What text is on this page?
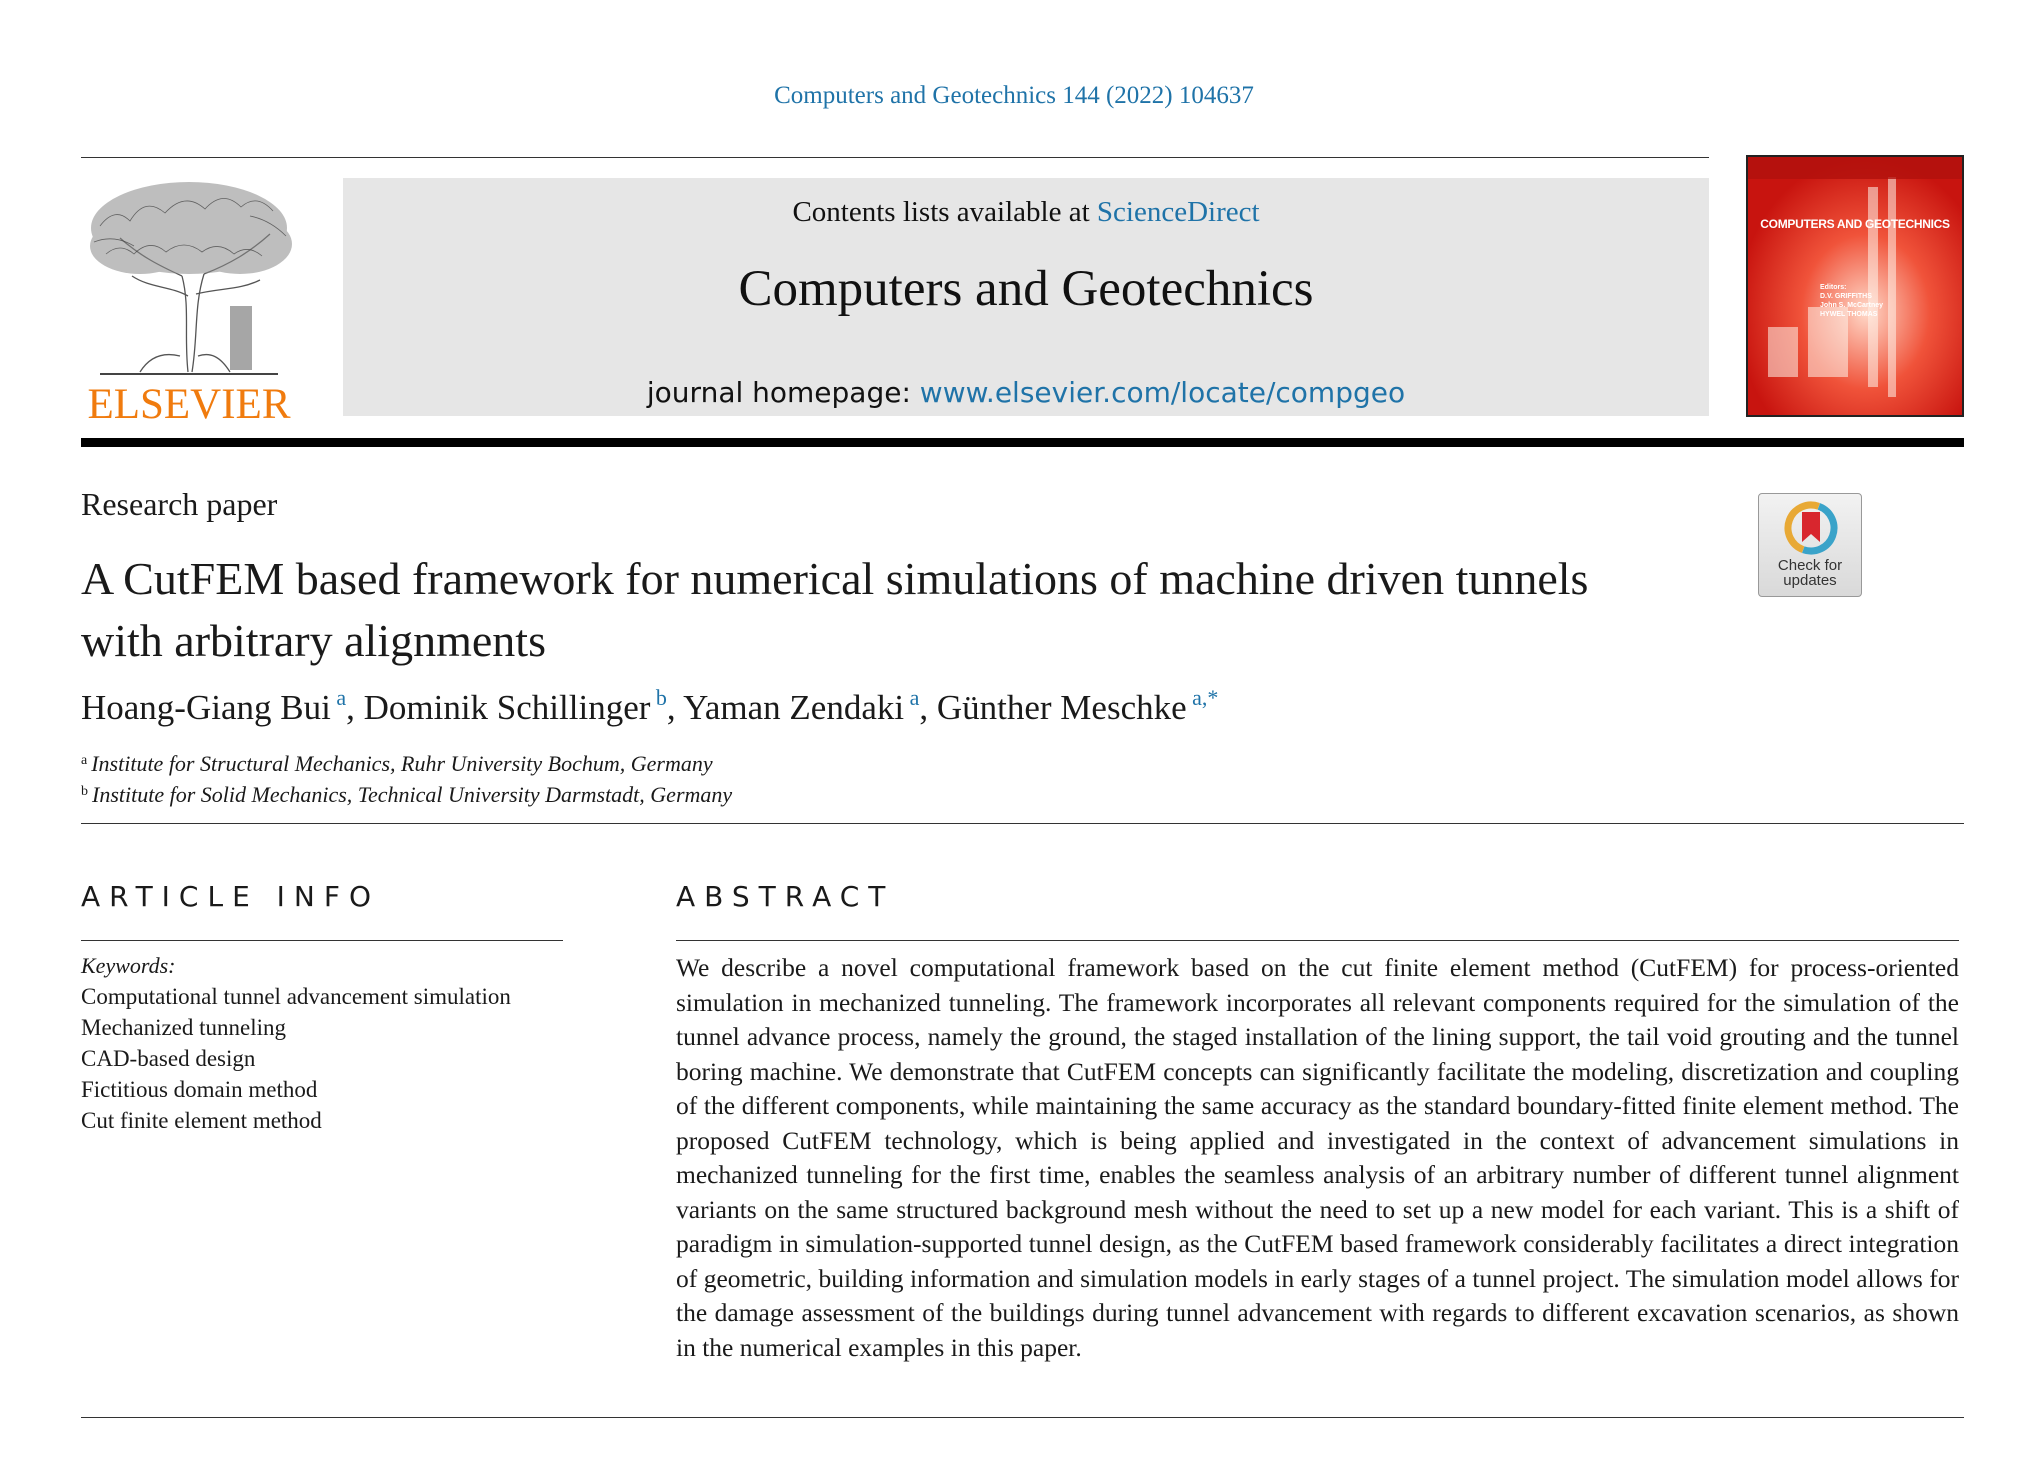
Computers and Geotechnics 144 (2022) 104637
ELSEVIER
Contents lists available at ScienceDirect
Computers and Geotechnics
journal homepage: www.elsevier.com/locate/compgeo
COMPUTERS AND GEOTECHNICS
Editors:
D.V. GRIFFITHS
John S. McCartney
HYWEL THOMAS
Research paper
Check for
updates
A CutFEM based framework for numerical simulations of machine driven tunnels with arbitrary alignments
Hoang-Giang Bui $^a$, Dominik Schillinger $^b$, Yaman Zendaki $^a$, Günther Meschke $^{a,*}$
$^a$ Institute for Structural Mechanics, Ruhr University Bochum, Germany
$^b$ Institute for Solid Mechanics, Technical University Darmstadt, Germany
ARTICLE INFO	ABSTRACT
Keywords:
Computational tunnel advancement simulation
Mechanized tunneling
CAD-based design
Fictitious domain method
Cut finite element method

We describe a novel computational framework based on the cut finite element method (CutFEM) for process-oriented simulation in mechanized tunneling. The framework incorporates all relevant components required for the simulation of the tunnel advance process, namely the ground, the staged installation of the lining support, the tail void grouting and the tunnel boring machine. We demonstrate that CutFEM concepts can significantly facilitate the modeling, discretization and coupling of the different components, while maintaining the same accuracy as the standard boundary-fitted finite element method. The proposed CutFEM technology, which is being applied and investigated in the context of advancement simulations in mechanized tunneling for the first time, enables the seamless analysis of an arbitrary number of different tunnel alignment variants on the same structured background mesh without the need to set up a new model for each variant. This is a shift of paradigm in simulation-supported tunnel design, as the CutFEM based framework considerably facilitates a direct integration of geometric, building information and simulation models in early stages of a tunnel project. The simulation model allows for the damage assessment of the buildings during tunnel advancement with regards to different excavation scenarios, as shown in the numerical examples in this paper.
